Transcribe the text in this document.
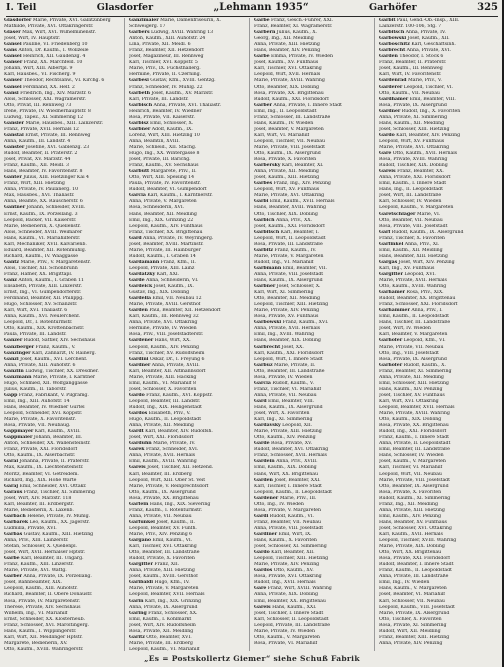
I. Teil	Glasdorfer	„Lehmann 1935“	Garhöfer	325
Glasdorfer Marie, Private, XVI. Gallitzinberg
Mathilde, Private, XVI. Ottakringerstr.
Glaser Max, Wirt, XVI. Wilhelminenstr.
Josef, Wirt, IV. Hauptstr.
Gänsel Pauline, VI. Friedenberg 10
Gans Anton, Dr. Kaufm., I. Wollzeile
Gansel Heinrich, XII. Gaudenzg. 4
Ganser Franz, XX. Marchfeld. 10
Johann, Wirt, XIII. Albertpl. 9
Karl, Hausbes., VI. Fischerg. 9
Ganser Theodor, Rechtsanw., VI. Kirchg. 6
Gansel Ferdinand, XX. Helf. 2
Gansl Friedrich, Ing., XIV. Märzstr. 6
Alois, Schlosser, XXI. Wagramerstr.
Otto, Privat, III. Rennweg 73
Irene, Private, IV. Wiednerhauptstr. 8
Ludwig, Tapez., XI. Simmering 12
Gansler Marie, Hausbes., XIII. Lainzerstr.
Franz, Private, XVII. Hernals 12
Gänstal Ernst, Private, III. Rennweg
Anna, Kaufm., III. Landstr. 4
Ganster Josefine, XVI. Gablenzg. 23
Rudolf, Beamter, II. Praterstr. 2
Josef, Privat, XV. Märzstr. 44
Franz, Kaufm., XII. Meidl. 3
Hans, Beamter, IV. Favoritenstr. 8
Ganter Julius, XIII. Hietzinger Kai 4
Franz, Wirt, XIII. Hietzing
Anna, Private, IV. Paulanerg. 10
Max, Hausbes., XVI. Thaliastr.
Anna, Beamte, XX. Rauscherstr. 6
Gantner Johann, Schneider, XVIII.
Ernst, Kaufm., IX. Porzellang. 3
Leopold, Bäcker, VII. Kaiserstr.
Marie, Bedienerin, X. Quellenstr.
Alois, Schneider, XVIII. Weimarer
Hans, Kaufm., VI. Mariahilferstr.
Karl, Mechaniker, XVII. Kalvarienb.
Eduard, Beamter, XII. Rotenmühlg.
Richard, Kaufm., IV. Waaggasse
Gantz Marie, Priv., V. Margaretenstr.
Alois, Tischler, XII. Schönbrunn
Franz, Hafner, XX. Brigittapl.
Ganz Anton, Kaufm., I. Graben 11
Elisabeth, Private, XIII. Linzerstr.
Ernst, Ing., VI. Gumpendorferstr.
Ferdinand, Beamter, XII. Philippg.
Hugo, Schlosser, XV. Schanzstr.
Karl, Wirt, XVI. Thaliastr. 6
Anna, Kaufm., XVI. Neulerchenf.
Leopold, Dr., I. Rotenturmstr.
Otto, Kaufm., XIX. Krottenbachstr.
Paula, Private, III. Landstr.
Ganzer Rudolf, Sattler, XIV. Sechshaus
Ganzberger Franz, Kaufm., V.
Ganzinger Karl, Zahnarzt, IV. Rainerg.
Ganzl Josef, Kaufm., XVI. Lerchenf.
Anna, Private, XIII. Auhofstr. 6
Ganzlin Ludwig, Tischler, XX. Dresdner.
Ganzmann Marie, Private, I. Kärntner
Hugo, Schmied, XII. Wolfganggasse
Julius, Kaufm., II. Taborstr.
Gapp Franz, Fabrikant, V. Pilgramg.
Emil, Ing., XIII. Auhofstr. 14
Hans, Beamter, IV. Wiedner Gürtel
Leopold, Schneider, XVI. Koppstr.
Marie, Private, X. Favoritenstr.
Rosa, Private, VII. Neubaug.
Gappmayer Karl, Kaufm., XVIII.
Gappmaier Johann, Beamter, III.
Anton, Schneider, XX. Wallensteinstr.
Franz, Private, XXI. Floridsdorf
Otto, Kaufm., IX. Alserbachstr.
Garai Johanna, Private, II. Praterstr.
Max, Kaufm., IX. Liechtensteinstr.
Moritz, Beamter, VI. Getreidem.
Richard, Ing., XIX. Hohe Warte
Garaj Emil, Schneider, XVI. Ottakr.
Garaus Franz, Tischler, XI. Simmering
Josef, Wirt, XIV. Märzstr. 118
Karl, Beamter, III. Erdbergstr.
Marie, Bedienerin, X. Laxenb.
Garbach Helene, Private, IV. Mühlg.
Garbarek Leo, Kaufm., XX. Jägerstr.
Ludmilla, Private, XVI.
Garbas Gustav, Kaufm., XIII. Hietzing
Anna, Priv., XIII. Lainzerstr.
Stefan, Schlosser, X. Quellenpl.
Josef, Wirt, XVII. Hernalser Hptstr.
Garbe Karl, Beamter, III. Ungarg.
Franz, Kaufm., XIII. Linzerstr.
Marie, Private, XVI. Wattg.
Garber Anna, Private, IX. Porzellang.
Josef, Bahnbeamter, XIX.
Leopold, Kaufm., XIII. Auhofstr.
Richard, Beamter, II. Obere Donaustr.
Rosa, Private, IV. Margaretenstr.
Therese, Private, XIV. Sechshaus
Wilhelm, Ing., VI. Mariahilf
Ernst, Schneider, XX. Klosterneub.
Franz, Schlosser, XVI. Maroltingerg.
Hans, Kaufm., I. Wipplingerstr.
Karl, Wirt, XII. Meidlinger Hptstr.
Margarete, Bedienerin, XV.
Otto, Kaufm., XVIII. Währingerstr.
Gänzlmaier Marie, Damenfriseurin, X.
Schweigerg. 17
Garbers Ludwig, XVIII. Währing 13
Anton, Kaufm., XIII. Auhofstr. 24
Lina, Private, XII. Meidl. 6
Franz, Beamter, XII. Hetzendorf
Josef, Magazineur, III. Rennweg
Karl, Tischler, XVI. Koppstr. 5
Marie, Priv., IX. Fuchsthallerg.
Hermine, Private, II. Czerning.
Garbesi Gustav, Kfm., XVIII. Gentzg.
Franz, Schneider, IV. Mühlg. 22
Garbeth Josef, Kaufm., XV. Märzstr.
Karl, Private, III. Landstr.
Garbisch Anna, Private, XVI. Thaliastr.
Heinrich, Beamter, IV. Wiedner
Rosa, Private, VII. Kaiserstr.
Garbisz Emil, Schlosser, X.
Garbner Adolf, Kaufm., IX.
Lorenz, Wirt, XIII. Hietzing 10
Anna, Beamtin, XVIII.
Marie, Schneid., XII. Stachg.
Hugo, Ing., XX. Wintergasse 8
Josef, Private, III. Barichg.
Franz, Kaufm., XV. Sechshaus
Garbutt Margarete, Priv., II.
Otto, Wirt, XIII. Speising 14
Paula, Private, IV. Favoritenstr.
Rudolf, Beamter, VI. Gumpendorf
Garcia Karl, Kaufm., I. Kärntnerstr.
Anna, Private, V. Margareten
Rosa, Schneiderin, XVI.
Hans, Beamter, XII. Meidling
Emil, Ing., XIX. Grinzing 22
Leopold, Kaufm., XIV. Fünfhaus
Franz, Tischler, XX. Brigittenau
Gard Anna, Private, IV. Weyringerg.
Josef, Beamter, XVIII. Martinstr.
Marie, Private, III. Hainburger
Rudolf, Kaufm., I. Graben 14
Gardamann Franz, Kfm., II.
Leopold, Private, XIII. Lainz
Gardatzky Karl, XXI.
Garde Anna, Schneiderin, VI.
Gardeick Josef, Kaufm., IX.
Gustav, Ing., XIX. Döbling
Gardella Emil, VII. Neubau 12
Marie, Private, XVIII. Gersthof
Garden Paul, Beamter, XII. Hetzendorf
Karl, Kaufm., III. Rennweg 32
Anna, Private, XVI. Ottakring
Hermine, Private, IV. Wieden
Rosa, Priv., VIII. Josefstädterstr.
Gardener Hans, Wirt, XX.
Leopold, Kaufm., XIV. Penzing
Franz, Tischler, XV. Rudolfsheim
Gardini Oskar, Dr., I. Freyung 6
Gardner Anna, Private, XVIII.
Karl, Beamter, XII. Altmannsdorf
Marie, Private, XIII. Hacking
Emil, Kaufm., VI. Mariahilf 8
Josef, Schlosser, X. Favoriten
Gardo Franz, Kaufm., XVI. Koppstr.
Leopold, Beamter, III. Landstr.
Rudolf, Ing., XIX. Heiligenstadt
Gardos Elisabeth, Priv., V.
Hugo, Kaufm., II. Leopoldstadt
Anna, Private, XII. Meidling
Gardt Karl, Beamter, XIV. Rudolfsh.
Josef, Wirt, XXI. Floridsdorf
Garduhn Marie, Private, IV.
Garek Franz, Schneider, XVI.
Anna, Private, XVII. Hernals
Emil, Kaufm., XVIII. Währing
Gareis Josef, Tischler, XII. Hetzend.
Karl, Beamter, III. Erdberg
Leopold, Wirt, XIII. Ober St. Veit
Marie, Private, V. Reinprechtsdorf
Otto, Kaufm., IX. Alsergrund
Rosa, Private, XX. Brigittenau
Garfein Hans, Ing., XIX. Sievering
Franz, Kaufm., I. Rotenturmstr.
Anna, Private, VII. Neubau
Garfunkel Josef, Kaufm., II.
Leopold, Beamter, XV. Fünfh.
Marie, Priv., XIV. Penzing 6
Gargano Emil, Kaufm., VI.
Karl, Tischler, XVI. Ottakring
Otto, Beamter, III. Landstraße
Rudolf, Private, X. Favoriten
Gargitter Franz, XII.
Anna, Private, XIII. Hietzing
Josef, Kaufm., XVIII. Gersthof
Garibaldi Hugo, Kfm., IV.
Marie, Private, V. Margareten
Leopold, Beamter, XVII. Hernals
Garin Karl, Ing., XIX. Grinzing
Anna, Private, IX. Alsergrund
Garing Franz, Schlosser, XX.
Emil, Kaufm., I. Kohlmarkt
Josef, Wirt, XIV. Rudolfsheim
Rosa, Private, XII. Meidling
Garitz Otto, Beamter, XVI.
Marie, Private, III. Erdberg
Leopold, Kaufm., VI. Mariahilf
Garbe Franz, Gesch.-Führer, XXI.
Franz, Beamter, XI. Wagramerstr.
Garbern Julius, Kaufm., X.
Georg, Ing., XII. Meidling
Anna, Private, XIII. Hietzing
Hans, Beamter, XIV. Penzing
Garbe Emma, Private, IV. Wieden
Josef, Kaufm., XV. Fünfhaus
Karl, Tischler, XVI. Ottakring
Leopold, Wirt, XVII. Hernals
Marie, Private, XVIII. Währing
Otto, Beamter, XIX. Döbling
Rosa, Private, XX. Brigittenau
Rudolf, Kaufm., XXI. Floridsdorf
Garber Anna, Private, I. Innere Stadt
Emil, Ing., II. Leopoldstadt
Franz, Schlosser, III. Landstraße
Hans, Kaufm., IV. Wieden
Josef, Beamter, V. Margareten
Karl, Wirt, VI. Mariahilf
Leopold, Tischler, VII. Neubau
Marie, Private, VIII. Josefstadt
Otto, Kaufm., IX. Alsergrund
Rosa, Private, X. Favoriten
Garbersky Karl, Beamter, XI.
Anna, Private, XII. Meidling
Josef, Kaufm., XIII. Hietzing
Garbes Franz, Ing., XIV. Penzing
Leopold, Wirt, XV. Fünfhaus
Marie, Private, XVI. Ottakring
Garbi Emil, Kaufm., XVII. Hernals
Hans, Beamter, XVIII. Währing
Otto, Tischler, XIX. Döbling
Garbich Anna, Priv., XX.
Josef, Kaufm., XXI. Floridsdorf
Garbitsch Karl, Beamter, I.
Leopold, Wirt, II. Leopoldstadt
Rosa, Private, III. Landstraße
Garbitz Franz, Kaufm., IV.
Marie, Private, V. Margareten
Rudolf, Ing., VI. Mariahilf
Garbmann Emil, Beamter, VII.
Anna, Private, VIII. Josefstadt
Hans, Kaufm., IX. Alsergrund
Garbner Josef, Schlosser, X.
Karl, Wirt, XI. Simmering
Otto, Beamter, XII. Meidling
Leopold, Tischler, XIII. Hietzing
Marie, Private, XIV. Penzing
Rosa, Private, XV. Fünfhaus
Garbowski Franz, Kaufm., XVI.
Anna, Private, XVII. Hernals
Emil, Ing., XVIII. Währing
Hans, Beamter, XIX. Döbling
Garbrecht Josef, XX.
Karl, Kaufm., XXI. Floridsdorf
Leopold, Wirt, I. Innere Stadt
Garbuz Marie, Private, II.
Otto, Beamter, III. Landstraße
Rosa, Private, IV. Wieden
Garcia Rudolf, Kaufm., V.
Franz, Tischler, VI. Mariahilf
Anna, Private, VII. Neubau
Gard Emil, Beamter, VIII.
Hans, Kaufm., IX. Alsergrund
Josef, Wirt, X. Favoriten
Karl, Ing., XI. Simmering
Gardavsky Leopold, XII.
Marie, Private, XIII. Hietzing
Otto, Kaufm., XIV. Penzing
Garde Rosa, Private, XV.
Rudolf, Beamter, XVI. Ottakring
Franz, Schlosser, XVII. Hernals
Gardein Anna, Priv., XVIII.
Emil, Kaufm., XIX. Döbling
Hans, Wirt, XX. Brigittenau
Garden Josef, Beamter, XXI.
Karl, Tischler, I. Innere Stadt
Leopold, Kaufm., II. Leopoldstadt
Gardener Marie, Priv., III.
Otto, Ing., IV. Wieden
Rosa, Private, V. Margareten
Gardi Rudolf, Kaufm., VI.
Franz, Beamter, VII. Neubau
Anna, Private, VIII. Josefstadt
Gardiner Emil, Wirt, IX.
Hans, Kaufm., X. Favoriten
Josef, Schlosser, XI. Simmering
Gardo Karl, Beamter, XII.
Leopold, Tischler, XIII. Hietzing
Marie, Private, XIV. Penzing
Gardos Otto, Kaufm., XV.
Rosa, Private, XVI. Ottakring
Rudolf, Ing., XVII. Hernals
Gare Franz, Wirt, XVIII. Währing
Anna, Private, XIX. Döbling
Emil, Beamter, XX. Brigittenau
Gareis Hans, Kaufm., XXI.
Josef, Tischler, I. Innere Stadt
Karl, Schlosser, II. Leopoldstadt
Leopold, Private, III. Landstraße
Marie, Private, IV. Wieden
Otto, Kaufm., V. Margareten
Rosa, Private, VI. Mariahilf
Garbit Paul, Gend.-Ob.-Insp., XIII.
Lainzerstr. 100-106, Stg. 7
Garbitsch Anna, Private, IV.
Garbowski Josef, Kaufm., XII.
Garboschitz Karl, Geschäftsinh.
Garbrecht Anna, Private, XVI.
Garden Theodor, I. Stock 6
Franz, Beamter, II. Praterstr.
Josef, Kaufm., III. Rennweg
Karl, Wirt, IV. Favoritenstr.
Gardenrad Marie, Priv., V.
Garderer Leopold, Tischler, VI.
Otto, Kaufm., VII. Neubau
Gardhamer Emil, Beamter, VIII.
Rosa, Private, IX. Alsergrund
Gardner Rudolf, Ing., X. Favoriten
Anna, Private, XI. Simmering
Hans, Kaufm., XII. Meidling
Josef, Schlosser, XIII. Hietzing
Gardo Karl, Beamter, XIV. Penzing
Leopold, Wirt, XV. Fünfhaus
Marie, Private, XVI. Ottakring
Gare Otto, Kaufm., XVII. Hernals
Rosa, Private, XVIII. Währing
Rudolf, Tischler, XIX. Döbling
Gareis Franz, Beamter, XX.
Anna, Private, XXI. Floridsdorf
Emil, Kaufm., I. Innere Stadt
Hans, Ing., II. Leopoldstadt
Josef, Wirt, III. Landstraße
Karl, Schlosser, IV. Wieden
Leopold, Kaufm., V. Margareten
Garetschläger Marie, VI.
Otto, Beamter, VII. Neubau
Rosa, Private, VIII. Josefstadt
Garf Rudolf, Kaufm., IX. Alsergrund
Franz, Tischler, X. Favoriten
Garfinkel Anna, Priv., XI.
Emil, Kaufm., XII. Meidling
Hans, Beamter, XIII. Hietzing
Gargas Josef, Wirt, XIV. Penzing
Karl, Ing., XV. Fünfhaus
Gargitter Leopold, XVI.
Marie, Private, XVII. Hernals
Otto, Kaufm., XVIII. Währing
Garhamer Rosa, Priv., XIX.
Rudolf, Beamter, XX. Brigittenau
Franz, Schlosser, XXI. Floridsdorf
Garhammer Anna, Priv., I.
Emil, Kaufm., II. Leopoldstadt
Hans, Tischler, III. Landstraße
Josef, Wirt, IV. Wieden
Karl, Beamter, V. Margareten
Garhofer Leopold, Kfm., VI.
Marie, Private, VII. Neubau
Otto, Ing., VIII. Josefstadt
Rosa, Private, IX. Alsergrund
Garhöfer Rudolf, Kaufm., X.
Franz, Beamter, XI. Simmering
Anna, Private, XII. Meidling
Emil, Schlosser, XIII. Hietzing
Hans, Kaufm., XIV. Penzing
Josef, Tischler, XV. Fünfhaus
Karl, Wirt, XVI. Ottakring
Leopold, Beamter, XVII. Hernals
Marie, Private, XVIII. Währing
Otto, Kaufm., XIX. Döbling
Rosa, Private, XX. Brigittenau
Rudolf, Ing., XXI. Floridsdorf
Franz, Kaufm., I. Innere Stadt
Anna, Private, II. Leopoldstadt
Emil, Beamter, III. Landstraße
Hans, Schlosser, IV. Wieden
Josef, Kaufm., V. Margareten
Karl, Tischler, VI. Mariahilf
Leopold, Wirt, VII. Neubau
Marie, Private, VIII. Josefstadt
Otto, Beamter, IX. Alsergrund
Rosa, Private, X. Favoriten
Rudolf, Kaufm., XI. Simmering
Franz, Ing., XII. Meidling
Anna, Private, XIII. Hietzing
Emil, Kaufm., XIV. Penzing
Hans, Beamter, XV. Fünfhaus
Josef, Schlosser, XVI. Ottakring
Karl, Kaufm., XVII. Hernals
Leopold, Tischler, XVIII. Währing
Marie, Private, XIX. Döbling
Otto, Wirt, XX. Brigittenau
Rosa, Private, XXI. Floridsdorf
Rudolf, Beamter, I. Innere Stadt
Franz, Kaufm., II. Leopoldstadt
Anna, Private, III. Landstraße
Emil, Ing., IV. Wieden
Hans, Kaufm., V. Margareten
Josef, Beamter, VI. Mariahilf
Karl, Schlosser, VII. Neubau
Leopold, Kaufm., VIII. Josefstadt
Marie, Private, IX. Alsergrund
Otto, Tischler, X. Favoriten
Rosa, Private, XI. Simmering
Rudolf, Wirt, XII. Meidling
Franz, Beamter, XIII. Hietzing
Anna, Private, XIV. Penzing
„Es = Postskollertz Giemer“ siehe Schuß Fabrik
